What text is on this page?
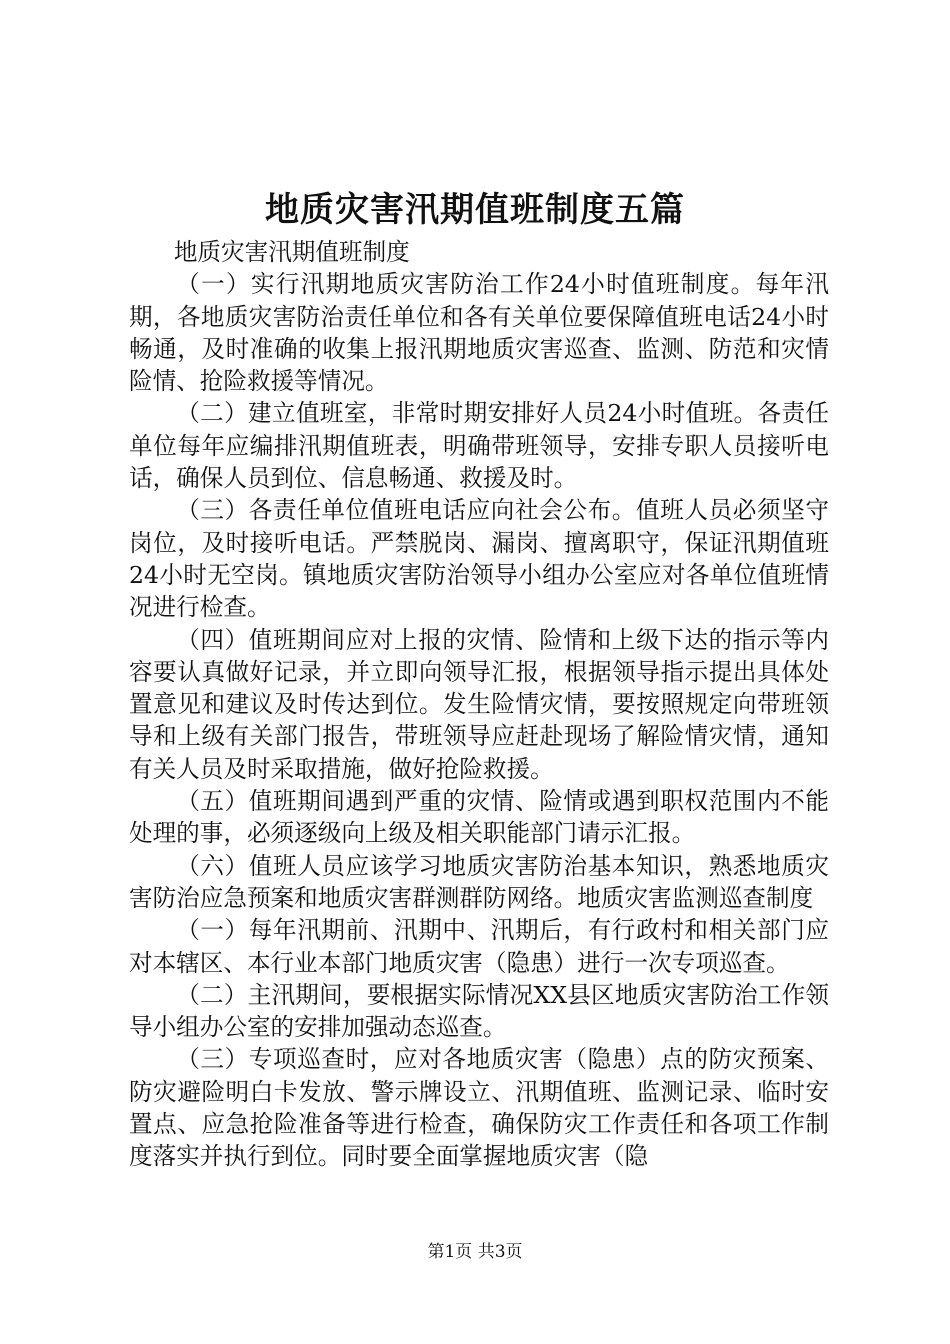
地质灾害汛期值班制度五篇

地质灾害汛期值班制度

（一）实行汛期地质灾害防治工作24小时值班制度。每年汛期，各地质灾害防治责任单位和各有关单位要保障值班电话24小时畅通，及时准确的收集上报汛期地质灾害巡查、监测、防范和灾情险情、抢险救援等情况。

（二）建立值班室，非常时期安排好人员24小时值班。各责任单位每年应编排汛期值班表，明确带班领导，安排专职人员接听电话，确保人员到位、信息畅通、救援及时。

（三）各责任单位值班电话应向社会公布。值班人员必须坚守岗位，及时接听电话。严禁脱岗、漏岗、擅离职守，保证汛期值班24小时无空岗。镇地质灾害防治领导小组办公室应对各单位值班情况进行检查。

（四）值班期间应对上报的灾情、险情和上级下达的指示等内容要认真做好记录，并立即向领导汇报，根据领导指示提出具体处置意见和建议及时传达到位。发生险情灾情，要按照规定向带班领导和上级有关部门报告，带班领导应赶赴现场了解险情灾情，通知有关人员及时采取措施，做好抢险救援。

（五）值班期间遇到严重的灾情、险情或遇到职权范围内不能处理的事，必须逐级向上级及相关职能部门请示汇报。

（六）值班人员应该学习地质灾害防治基本知识，熟悉地质灾害防治应急预案和地质灾害群测群防网络。地质灾害监测巡查制度

（一）每年汛期前、汛期中、汛期后，有行政村和相关部门应对本辖区、本行业本部门地质灾害（隐患）进行一次专项巡查。

（二）主汛期间，要根据实际情况XX县区地质灾害防治工作领导小组办公室的安排加强动态巡查。

（三）专项巡查时，应对各地质灾害（隐患）点的防灾预案、防灾避险明白卡发放、警示牌设立、汛期值班、监测记录、临时安置点、应急抢险准备等进行检查，确保防灾工作责任和各项工作制度落实并执行到位。同时要全面掌握地质灾害（隐

第1页 共3页
